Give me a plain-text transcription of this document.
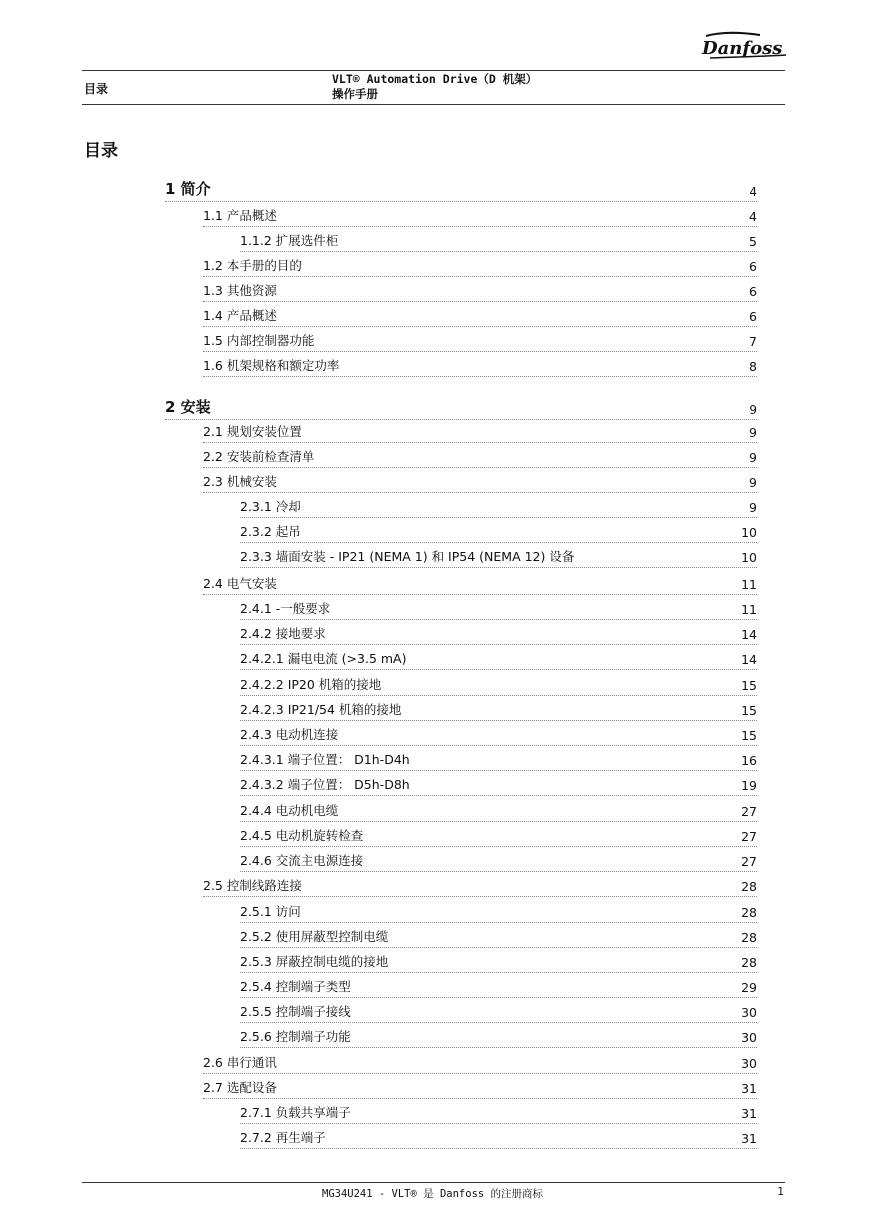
Danfoss
目录
VLT® Automation Drive（D 机架）
操作手册
目录
1 简介	4
1.1 产品概述	4
1.1.2 扩展选件柜	5
1.2 本手册的目的	6
1.3 其他资源	6
1.4 产品概述	6
1.5 内部控制器功能	7
1.6 机架规格和额定功率	8
2 安装	9
2.1 规划安装位置	9
2.2 安装前检查清单	9
2.3 机械安装	9
2.3.1 冷却	9
2.3.2 起吊	10
2.3.3 墙面安装 - IP21 (NEMA 1) 和 IP54 (NEMA 12) 设备	10
2.4 电气安装	11
2.4.1 -一般要求	11
2.4.2 接地要求	14
2.4.2.1 漏电电流 (>3.5 mA)	14
2.4.2.2 IP20 机箱的接地	15
2.4.2.3 IP21/54 机箱的接地	15
2.4.3 电动机连接	15
2.4.3.1 端子位置： D1h-D4h	16
2.4.3.2 端子位置： D5h-D8h	19
2.4.4 电动机电缆	27
2.4.5 电动机旋转检查	27
2.4.6 交流主电源连接	27
2.5 控制线路连接	28
2.5.1 访问	28
2.5.2 使用屏蔽型控制电缆	28
2.5.3 屏蔽控制电缆的接地	28
2.5.4 控制端子类型	29
2.5.5 控制端子接线	30
2.5.6 控制端子功能	30
2.6 串行通讯	30
2.7 选配设备	31
2.7.1 负载共享端子	31
2.7.2 再生端子	31
MG34U241 - VLT® 是 Danfoss 的注册商标	1
